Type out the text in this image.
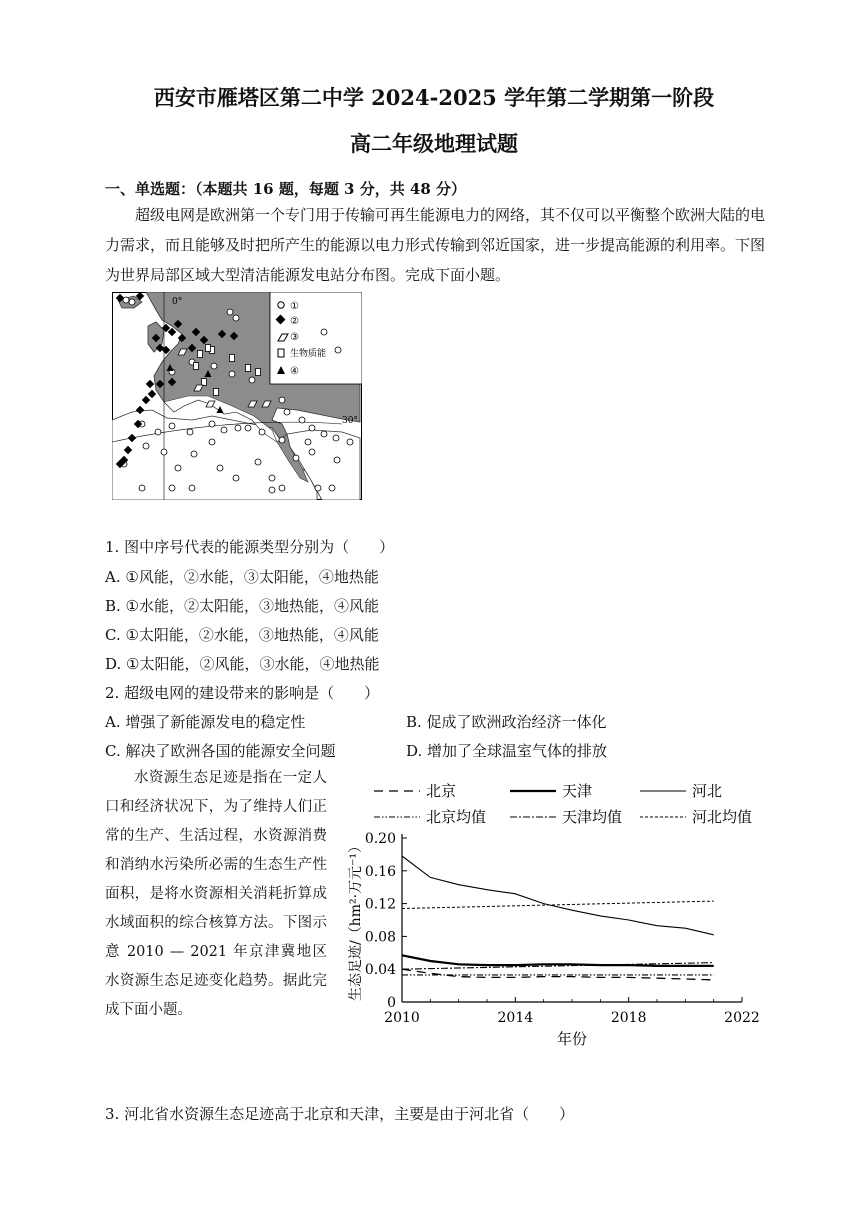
西安市雁塔区第二中学 2024-2025 学年第二学期第一阶段
高二年级地理试题
一、单选题：（本题共 16 题，每题 3 分，共 48 分）

超级电网是欧洲第一个专门用于传输可再生能源电力的网络，其不仅可以平衡整个欧洲大陆的电力需求，而且能够及时把所产生的能源以电力形式传输到邻近国家，进一步提高能源的利用率。下图为世界局部区域大型清洁能源发电站分布图。完成下面小题。

0°
30°
①
②
③
生物质能
④
1. 图中序号代表的能源类型分别为（　　）
A. ①风能，②水能，③太阳能，④地热能
B. ①水能，②太阳能，③地热能，④风能
C. ①太阳能，②水能，③地热能，④风能
D. ①太阳能，②风能，③水能，④地热能
2. 超级电网的建设带来的影响是（　　）
A. 增强了新能源发电的稳定性	B. 促成了欧洲政治经济一体化
C. 解决了欧洲各国的能源安全问题	D. 增加了全球温室气体的排放

水资源生态足迹是指在一定人口和经济状况下，为了维持人们正常的生产、生活过程，水资源消费和消纳水污染所必需的生态生产性面积，是将水资源相关消耗折算成水域面积的综合核算方法。下图示意 2010 — 2021 年京津冀地区水资源生态足迹变化趋势。据此完成下面小题。	0
0.04
0.08
0.12
0.16
0.20
2010	2014	2018	2022
年份
生态足迹/（hm²·万元⁻¹）
北京	天津	河北
北京均值	天津均值	河北均值
3. 河北省水资源生态足迹高于北京和天津，主要是由于河北省（　　）
